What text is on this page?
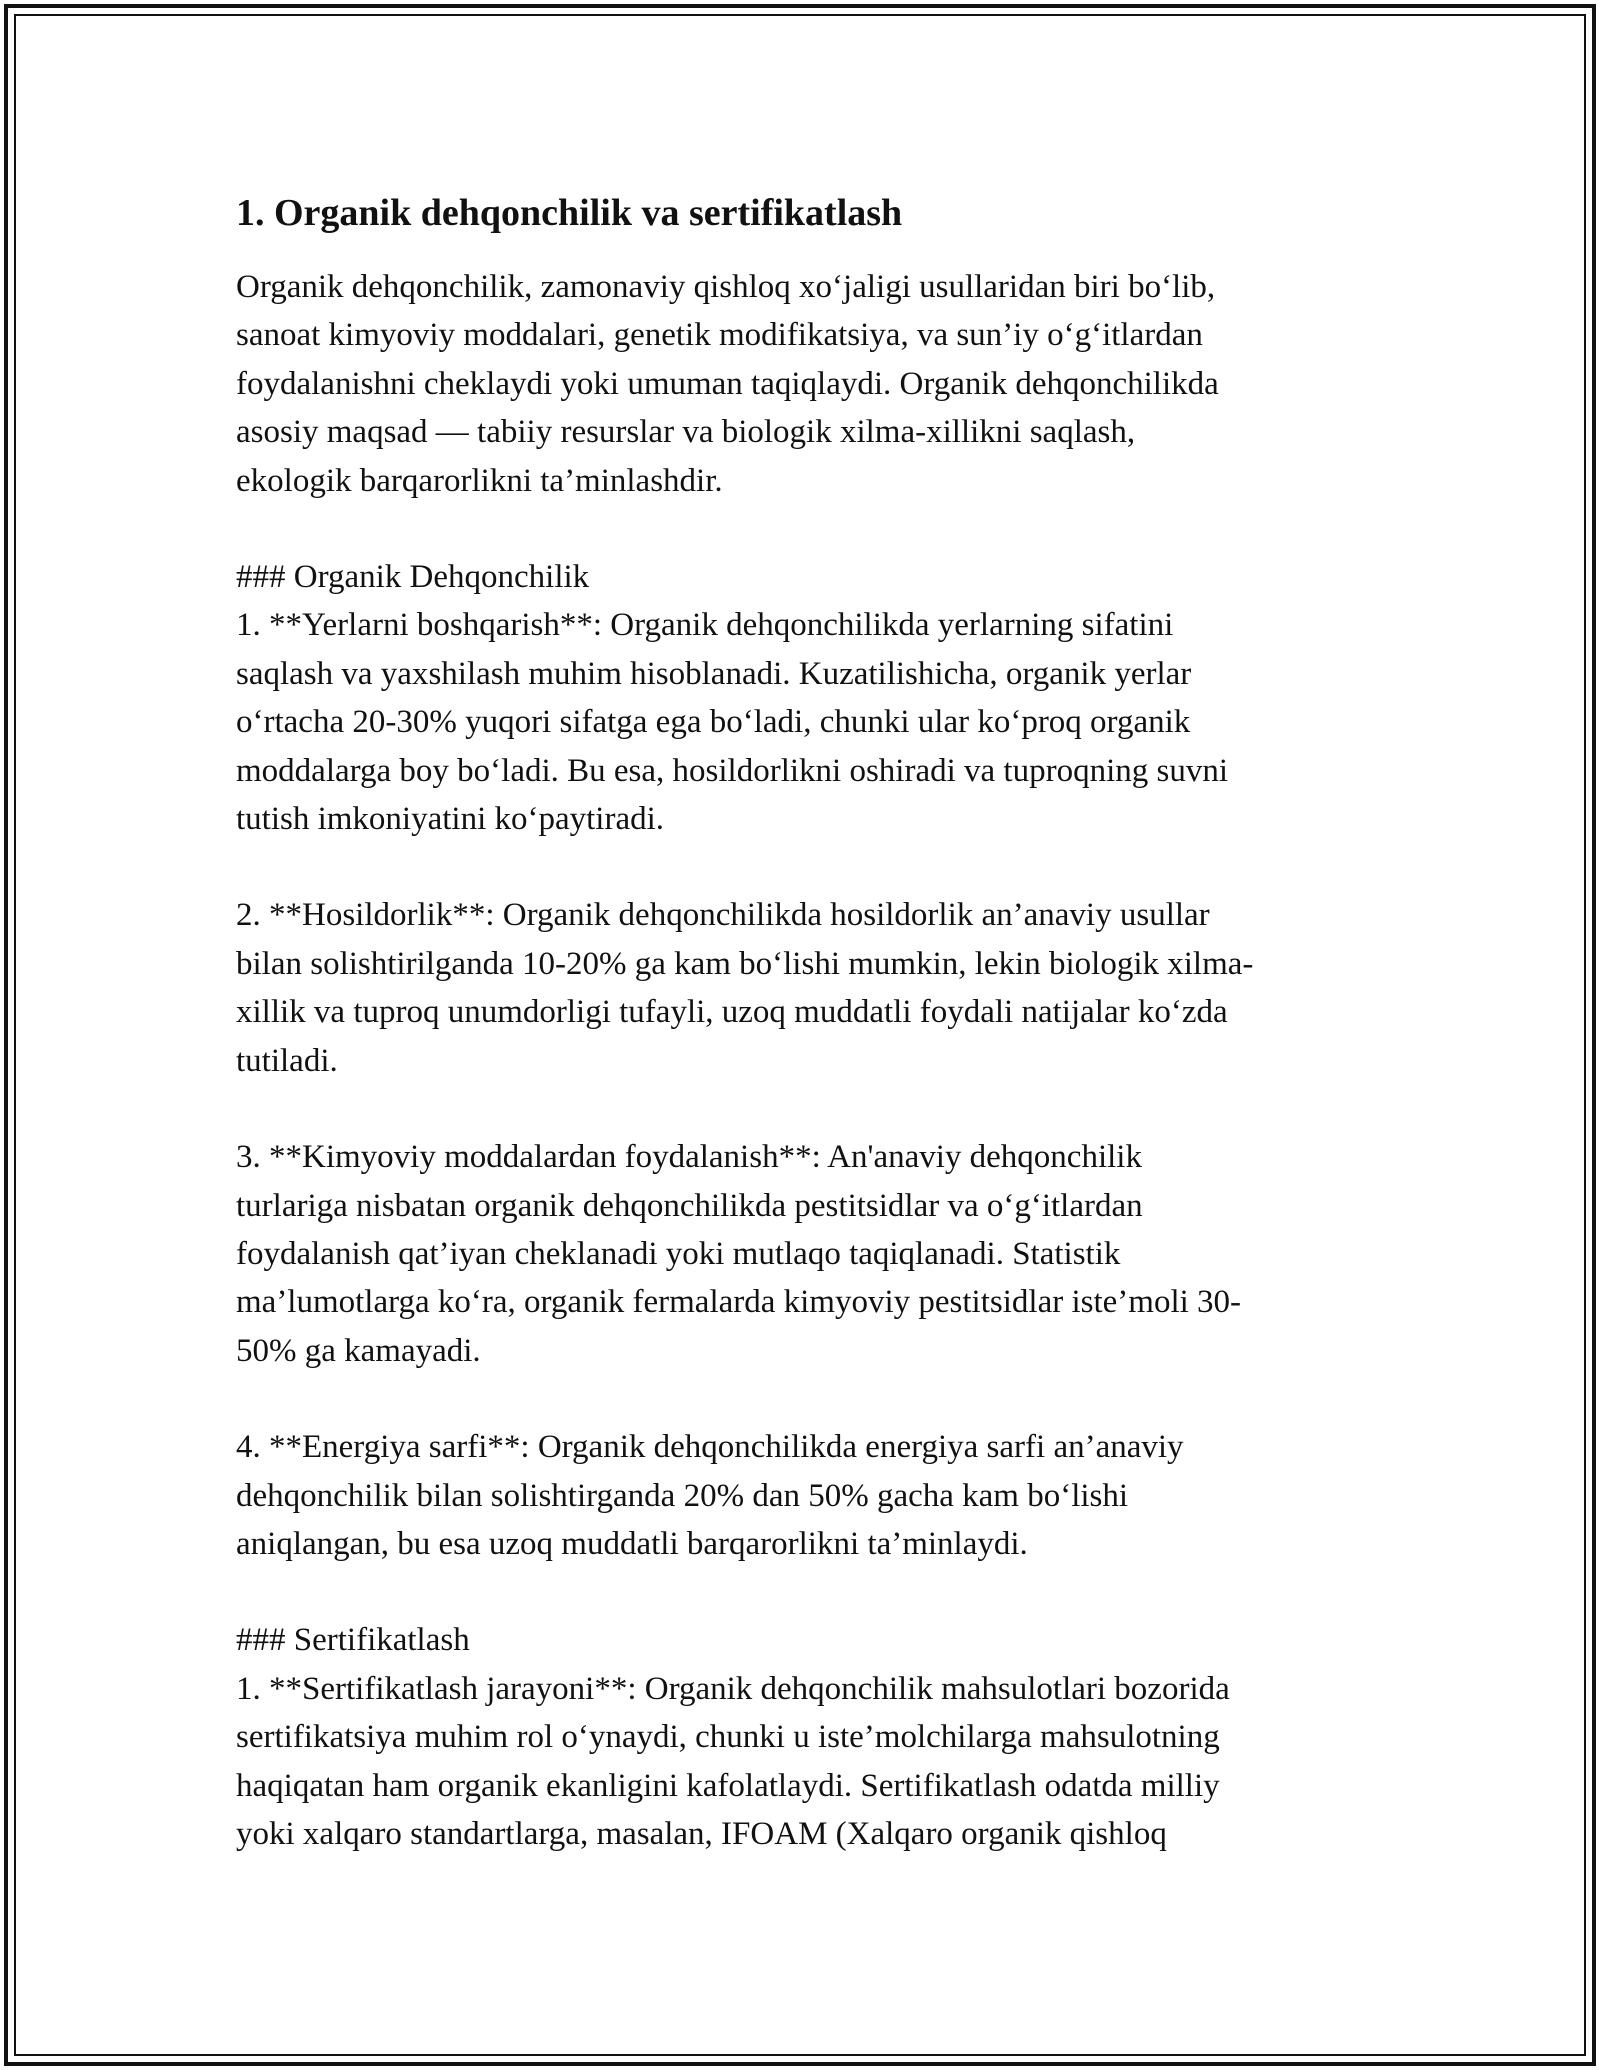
1. Organik dehqonchilik va sertifikatlash

Organik dehqonchilik, zamonaviy qishloq xo‘jaligi usullaridan biri bo‘lib,
sanoat kimyoviy moddalari, genetik modifikatsiya, va sun’iy o‘g‘itlardan
foydalanishni cheklaydi yoki umuman taqiqlaydi. Organik dehqonchilikda
asosiy maqsad — tabiiy resurslar va biologik xilma-xillikni saqlash,
ekologik barqarorlikni ta’minlashdir.

### Organik Dehqonchilik
1. **Yerlarni boshqarish**: Organik dehqonchilikda yerlarning sifatini
saqlash va yaxshilash muhim hisoblanadi. Kuzatilishicha, organik yerlar
o‘rtacha 20-30% yuqori sifatga ega bo‘ladi, chunki ular ko‘proq organik
moddalarga boy bo‘ladi. Bu esa, hosildorlikni oshiradi va tuproqning suvni
tutish imkoniyatini ko‘paytiradi.

2. **Hosildorlik**: Organik dehqonchilikda hosildorlik an’anaviy usullar
bilan solishtirilganda 10-20% ga kam bo‘lishi mumkin, lekin biologik xilma-
xillik va tuproq unumdorligi tufayli, uzoq muddatli foydali natijalar ko‘zda
tutiladi.

3. **Kimyoviy moddalardan foydalanish**: An'anaviy dehqonchilik
turlariga nisbatan organik dehqonchilikda pestitsidlar va o‘g‘itlardan
foydalanish qat’iyan cheklanadi yoki mutlaqo taqiqlanadi. Statistik
ma’lumotlarga ko‘ra, organik fermalarda kimyoviy pestitsidlar iste’moli 30-
50% ga kamayadi.

4. **Energiya sarfi**: Organik dehqonchilikda energiya sarfi an’anaviy
dehqonchilik bilan solishtirganda 20% dan 50% gacha kam bo‘lishi
aniqlangan, bu esa uzoq muddatli barqarorlikni ta’minlaydi.

### Sertifikatlash
1. **Sertifikatlash jarayoni**: Organik dehqonchilik mahsulotlari bozorida
sertifikatsiya muhim rol o‘ynaydi, chunki u iste’molchilarga mahsulotning
haqiqatan ham organik ekanligini kafolatlaydi. Sertifikatlash odatda milliy
yoki xalqaro standartlarga, masalan, IFOAM (Xalqaro organik qishloq
